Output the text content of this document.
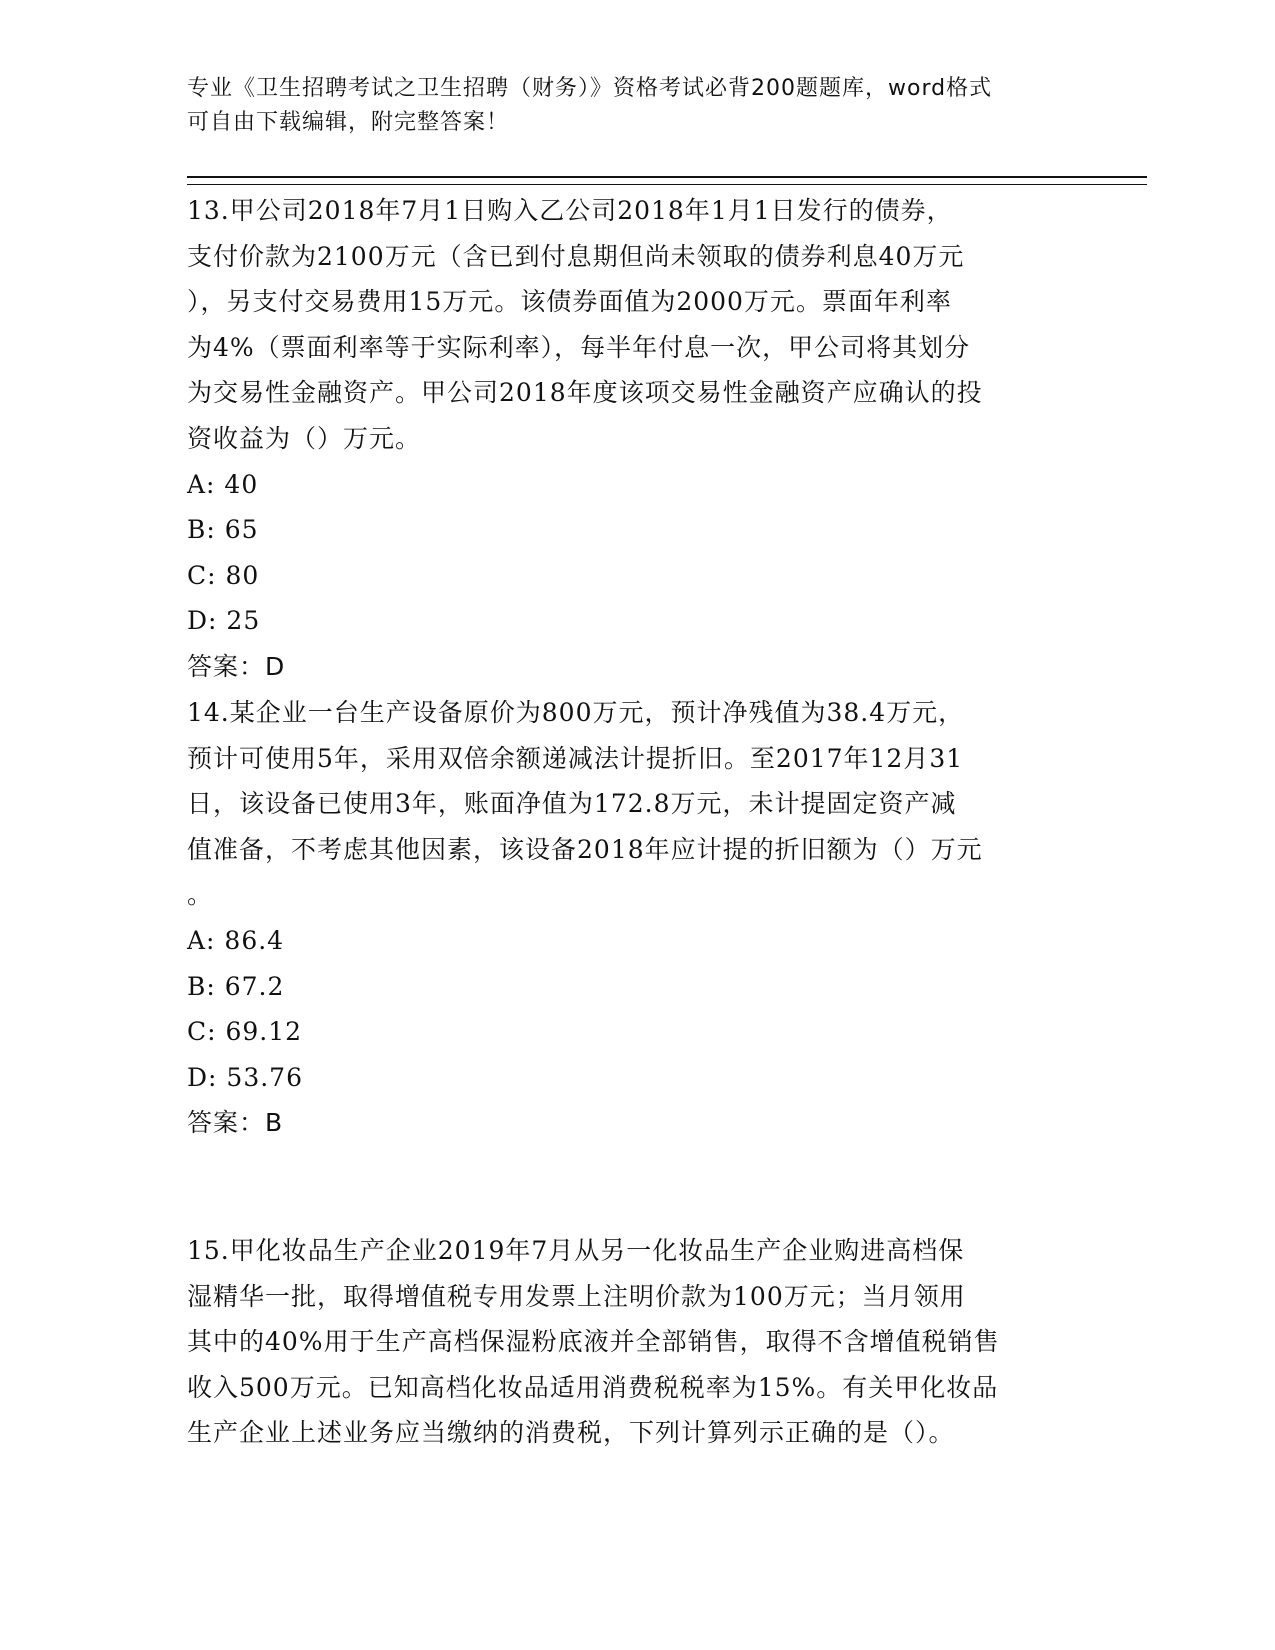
专业《卫生招聘考试之卫生招聘（财务）》资格考试必背200题题库，word格式
可自由下载编辑，附完整答案！

13.甲公司2018年7月1日购入乙公司2018年1月1日发行的债券，

支付价款为2100万元（含已到付息期但尚未领取的债券利息40万元

），另支付交易费用15万元。该债券面值为2000万元。票面年利率

为4%（票面利率等于实际利率），每半年付息一次，甲公司将其划分

为交易性金融资产。甲公司2018年度该项交易性金融资产应确认的投

资收益为（）万元。

A: 40

B: 65

C: 80

D: 25

答案：D

14.某企业一台生产设备原价为800万元，预计净残值为38.4万元，

预计可使用5年，采用双倍余额递减法计提折旧。至2017年12月31

日，该设备已使用3年，账面净值为172.8万元，未计提固定资产减

值准备，不考虑其他因素，该设备2018年应计提的折旧额为（）万元

。

A: 86.4

B: 67.2

C: 69.12

D: 53.76

答案：B

15.甲化妆品生产企业2019年7月从另一化妆品生产企业购进高档保

湿精华一批，取得增值税专用发票上注明价款为100万元；当月领用

其中的40%用于生产高档保湿粉底液并全部销售，取得不含增值税销售

收入500万元。已知高档化妆品适用消费税税率为15%。有关甲化妆品

生产企业上述业务应当缴纳的消费税，下列计算列示正确的是（）。
